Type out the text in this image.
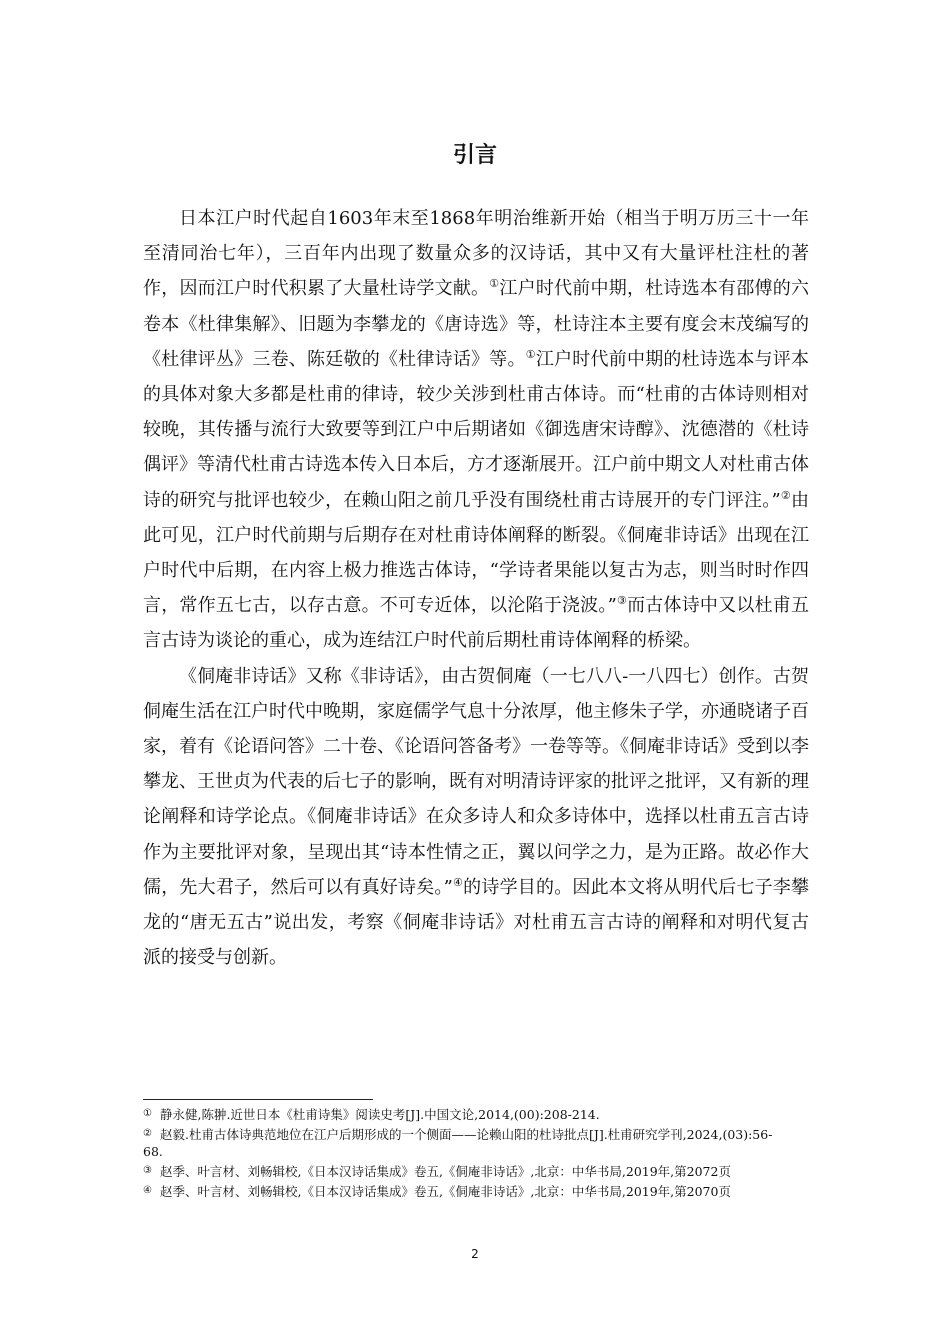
引言

日本江户时代起自1603年末至1868年明治维新开始（相当于明万历三十一年至清同治七年），三百年内出现了数量众多的汉诗话，其中又有大量评杜注杜的著作，因而江户时代积累了大量杜诗学文献。①江户时代前中期，杜诗选本有邵傅的六卷本《杜律集解》、旧题为李攀龙的《唐诗选》等，杜诗注本主要有度会末茂编写的《杜律评丛》三卷、陈廷敬的《杜律诗话》等。①江户时代前中期的杜诗选本与评本的具体对象大多都是杜甫的律诗，较少关涉到杜甫古体诗。而“杜甫的古体诗则相对较晚，其传播与流行大致要等到江户中后期诸如《御选唐宋诗醇》、沈德潜的《杜诗偶评》等清代杜甫古诗选本传入日本后，方才逐渐展开。江户前中期文人对杜甫古体诗的研究与批评也较少，在赖山阳之前几乎没有围绕杜甫古诗展开的专门评注。”②由此可见，江户时代前期与后期存在对杜甫诗体阐释的断裂。《侗庵非诗话》出现在江户时代中后期，在内容上极力推选古体诗，“学诗者果能以复古为志，则当时时作四言，常作五七古，以存古意。不可专近体，以沦陷于浇波。”③而古体诗中又以杜甫五言古诗为谈论的重心，成为连结江户时代前后期杜甫诗体阐释的桥梁。

《侗庵非诗话》又称《非诗话》，由古贺侗庵（一七八八-一八四七）创作。古贺侗庵生活在江户时代中晚期，家庭儒学气息十分浓厚，他主修朱子学，亦通晓诸子百家，着有《论语问答》二十卷、《论语问答备考》一卷等等。《侗庵非诗话》受到以李攀龙、王世贞为代表的后七子的影响，既有对明清诗评家的批评之批评，又有新的理论阐释和诗学论点。《侗庵非诗话》在众多诗人和众多诗体中，选择以杜甫五言古诗作为主要批评对象，呈现出其“诗本性情之正，翼以问学之力，是为正路。故必作大儒，先大君子，然后可以有真好诗矣。”④的诗学目的。因此本文将从明代后七子李攀龙的“唐无五古”说出发，考察《侗庵非诗话》对杜甫五言古诗的阐释和对明代复古派的接受与创新。

① 静永健,陈翀.近世日本《杜甫诗集》阅读史考[J].中国文论,2014,(00):208-214.
② 赵毅.杜甫古体诗典范地位在江户后期形成的一个侧面——论赖山阳的杜诗批点[J].杜甫研究学刊,2024,(03):56-68.
③ 赵季、叶言材、刘畅辑校,《日本汉诗话集成》卷五,《侗庵非诗话》,北京：中华书局,2019年,第2072页
④ 赵季、叶言材、刘畅辑校,《日本汉诗话集成》卷五,《侗庵非诗话》,北京：中华书局,2019年,第2070页
2
